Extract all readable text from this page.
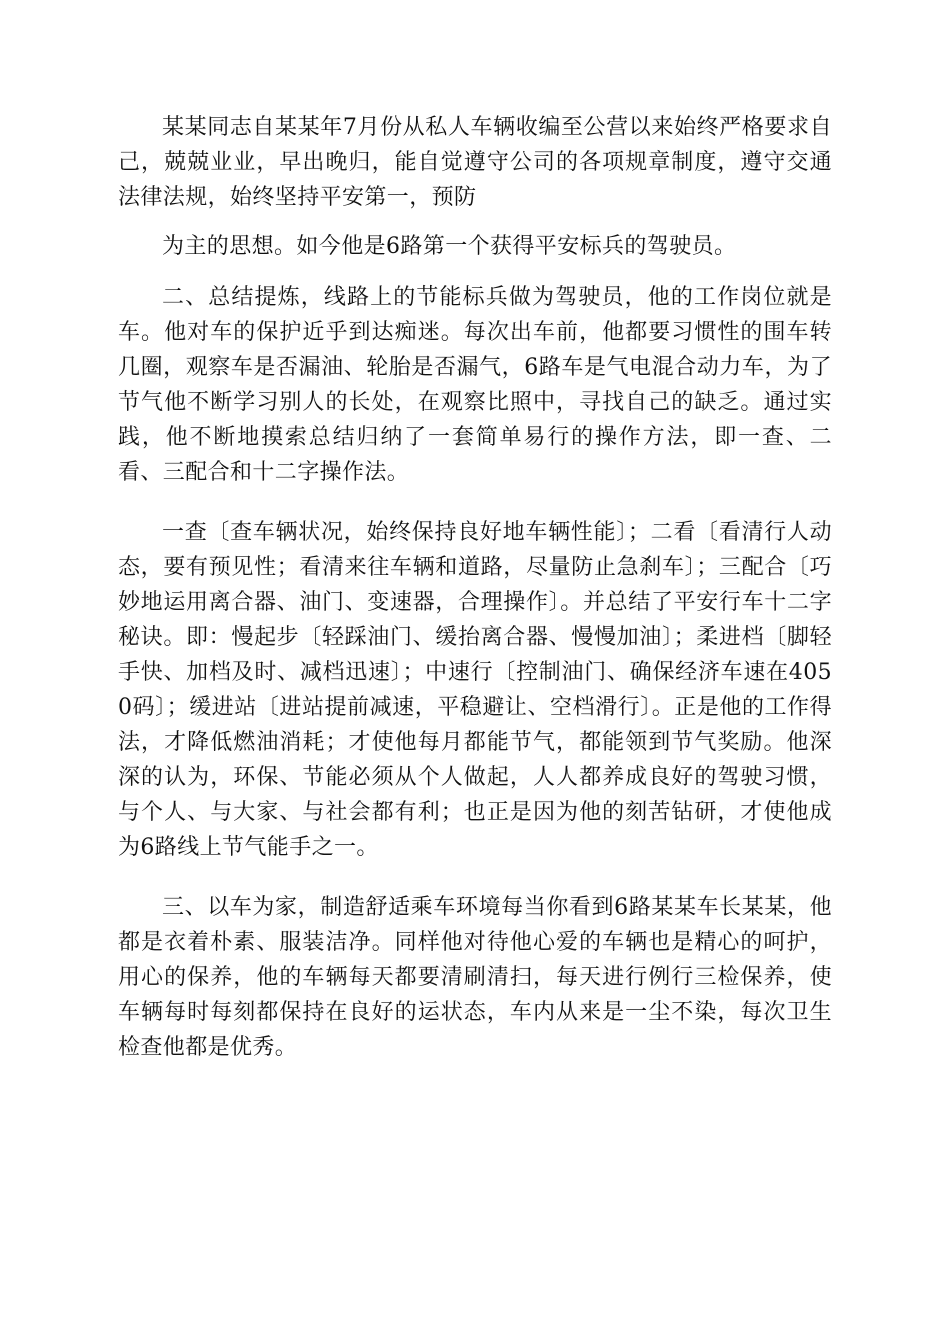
某某同志自某某年7月份从私人车辆收编至公营以来始终严格要求自己，兢兢业业，早出晚归，能自觉遵守公司的各项规章制度，遵守交通法律法规，始终坚持平安第一，预防

为主的思想。如今他是6路第一个获得平安标兵的驾驶员。

二、总结提炼，线路上的节能标兵做为驾驶员，他的工作岗位就是车。他对车的保护近乎到达痴迷。每次出车前，他都要习惯性的围车转几圈，观察车是否漏油、轮胎是否漏气，6路车是气电混合动力车，为了节气他不断学习别人的长处，在观察比照中，寻找自己的缺乏。通过实践，他不断地摸索总结归纳了一套简单易行的操作方法，即一查、二看、三配合和十二字操作法。

一查〔查车辆状况，始终保持良好地车辆性能〕；二看〔看清行人动态，要有预见性；看清来往车辆和道路，尽量防止急刹车〕；三配合〔巧妙地运用离合器、油门、变速器，合理操作〕。并总结了平安行车十二字秘诀。即：慢起步〔轻踩油门、缓抬离合器、慢慢加油〕；柔进档〔脚轻手快、加档及时、减档迅速〕；中速行〔控制油门、确保经济车速在4050码〕；缓进站〔进站提前减速，平稳避让、空档滑行〕。正是他的工作得法，才降低燃油消耗；才使他每月都能节气，都能领到节气奖励。他深深的认为，环保、节能必须从个人做起，人人都养成良好的驾驶习惯，与个人、与大家、与社会都有利；也正是因为他的刻苦钻研，才使他成为6路线上节气能手之一。

三、以车为家，制造舒适乘车环境每当你看到6路某某车长某某，他都是衣着朴素、服装洁净。同样他对待他心爱的车辆也是精心的呵护，用心的保养，他的车辆每天都要清刷清扫，每天进行例行三检保养，使车辆每时每刻都保持在良好的运状态，车内从来是一尘不染，每次卫生检查他都是优秀。
